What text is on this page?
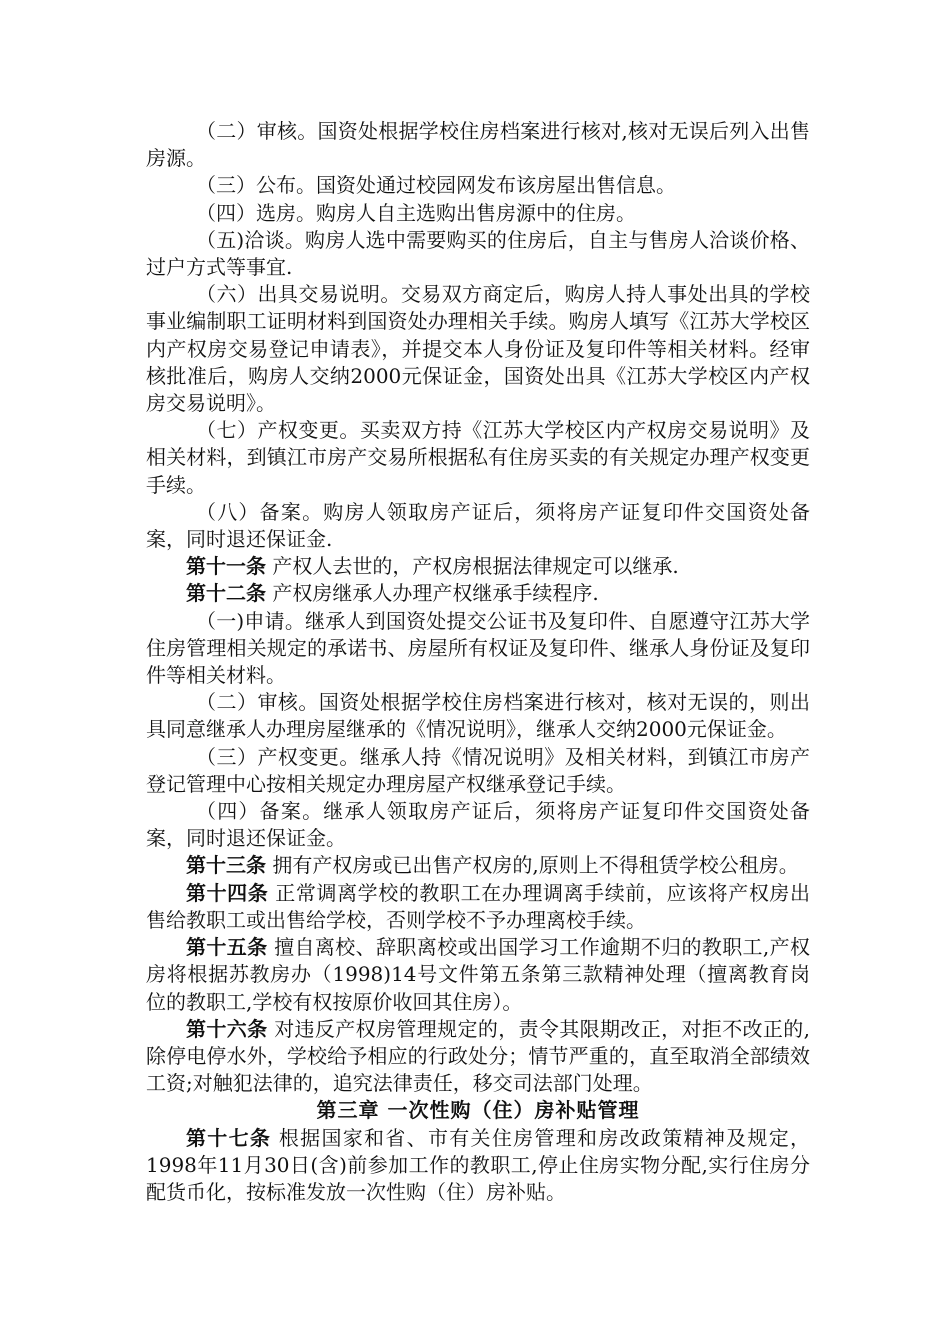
（二）审核。国资处根据学校住房档案进行核对,核对无误后列入出售房源。

（三）公布。国资处通过校园网发布该房屋出售信息。

（四）选房。购房人自主选购出售房源中的住房。

（五)洽谈。购房人选中需要购买的住房后，自主与售房人洽谈价格、过户方式等事宜.

（六）出具交易说明。交易双方商定后，购房人持人事处出具的学校事业编制职工证明材料到国资处办理相关手续。购房人填写《江苏大学校区内产权房交易登记申请表》，并提交本人身份证及复印件等相关材料。经审核批准后，购房人交纳2000元保证金，国资处出具《江苏大学校区内产权房交易说明》。

（七）产权变更。买卖双方持《江苏大学校区内产权房交易说明》及相关材料，到镇江市房产交易所根据私有住房买卖的有关规定办理产权变更手续。

（八）备案。购房人领取房产证后，须将房产证复印件交国资处备案，同时退还保证金.

第十一条 产权人去世的，产权房根据法律规定可以继承.

第十二条 产权房继承人办理产权继承手续程序.

（一)申请。继承人到国资处提交公证书及复印件、自愿遵守江苏大学住房管理相关规定的承诺书、房屋所有权证及复印件、继承人身份证及复印件等相关材料。

（二）审核。国资处根据学校住房档案进行核对，核对无误的，则出具同意继承人办理房屋继承的《情况说明》，继承人交纳2000元保证金。

（三）产权变更。继承人持《情况说明》及相关材料，到镇江市房产登记管理中心按相关规定办理房屋产权继承登记手续。

（四）备案。继承人领取房产证后，须将房产证复印件交国资处备案，同时退还保证金。

第十三条 拥有产权房或已出售产权房的,原则上不得租赁学校公租房。

第十四条 正常调离学校的教职工在办理调离手续前，应该将产权房出售给教职工或出售给学校，否则学校不予办理离校手续。

第十五条 擅自离校、辞职离校或出国学习工作逾期不归的教职工,产权房将根据苏教房办（1998)14号文件第五条第三款精神处理（擅离教育岗位的教职工,学校有权按原价收回其住房）。

第十六条 对违反产权房管理规定的，责令其限期改正，对拒不改正的,除停电停水外，学校给予相应的行政处分；情节严重的，直至取消全部绩效工资;对触犯法律的，追究法律责任，移交司法部门处理。

第三章 一次性购（住）房补贴管理

第十七条 根据国家和省、市有关住房管理和房改政策精神及规定，1998年11月30日(含)前参加工作的教职工,停止住房实物分配,实行住房分配货币化，按标准发放一次性购（住）房补贴。
